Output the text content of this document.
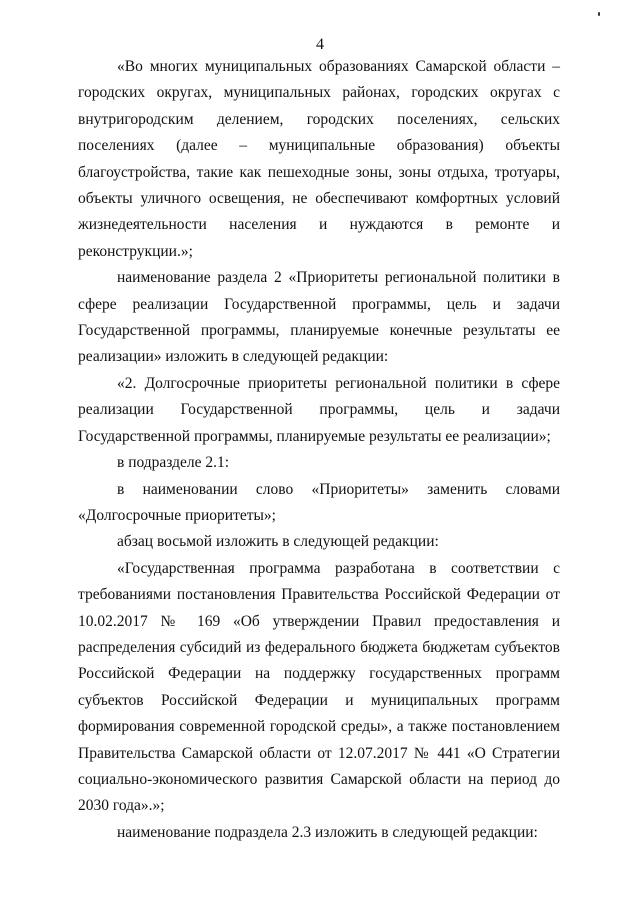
4

«Во многих муниципальных образованиях Самарской области – городских округах, муниципальных районах, городских округах с внутригородским делением, городских поселениях, сельских поселениях (далее – муниципальные образования) объекты благоустройства, такие как пешеходные зоны, зоны отдыха, тротуары, объекты уличного освещения, не обеспечивают комфортных условий жизнедеятельности населения и нуждаются в ремонте и реконструкции.»;

наименование раздела 2 «Приоритеты региональной политики в сфере реализации Государственной программы, цель и задачи Государственной программы, планируемые конечные результаты ее реализации» изложить в следующей редакции:

«2. Долгосрочные приоритеты региональной политики в сфере реализации Государственной программы, цель и задачи Государственной программы, планируемые результаты ее реализации»;

в подразделе 2.1:

в наименовании слово «Приоритеты» заменить словами «Долгосрочные приоритеты»;

абзац восьмой изложить в следующей редакции:

«Государственная программа разработана в соответствии с требованиями постановления Правительства Российской Федерации от 10.02.2017 № 169 «Об утверждении Правил предоставления и распределения субсидий из федерального бюджета бюджетам субъектов Российской Федерации на поддержку государственных программ субъектов Российской Федерации и муниципальных программ формирования современной городской среды», а также постановлением Правительства Самарской области от 12.07.2017 № 441 «О Стратегии социально-экономического развития Самарской области на период до 2030 года».»;

наименование подраздела 2.3 изложить в следующей редакции:
